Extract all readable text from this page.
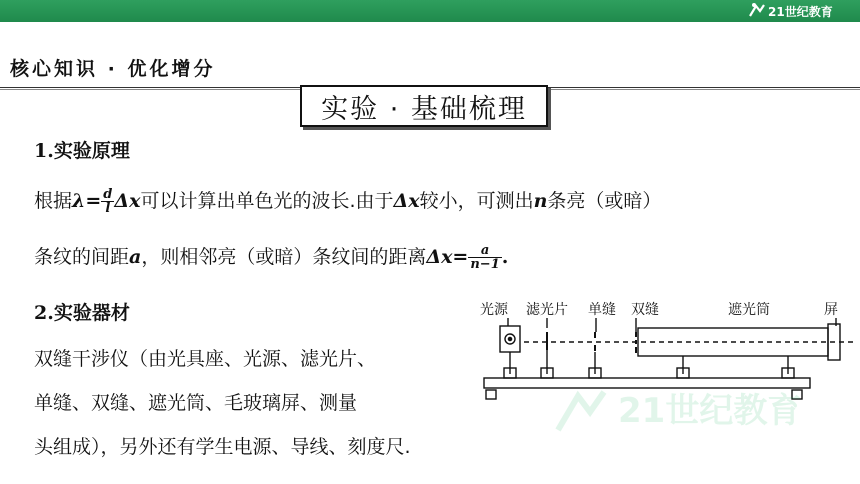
21世纪教育
核心知识 · 优化增分
实验 · 基础梳理
1.实验原理
根据$\lambda= \frac{d}{l}$ Δx可以计算出单色光的波长.由于Δx较小，可测出n条亮（或暗）
条纹的间距a，则相邻亮（或暗）条纹间的距离$\Delta x= \frac{a}{n-1}$ .
2.实验器材
双缝干涉仪（由光具座、光源、滤光片、
单缝、双缝、遮光筒、毛玻璃屏、测量
头组成），另外还有学生电源、导线、刻度尺.
光源 滤光片 单缝 双缝	遮光筒	屏
21世纪教育
